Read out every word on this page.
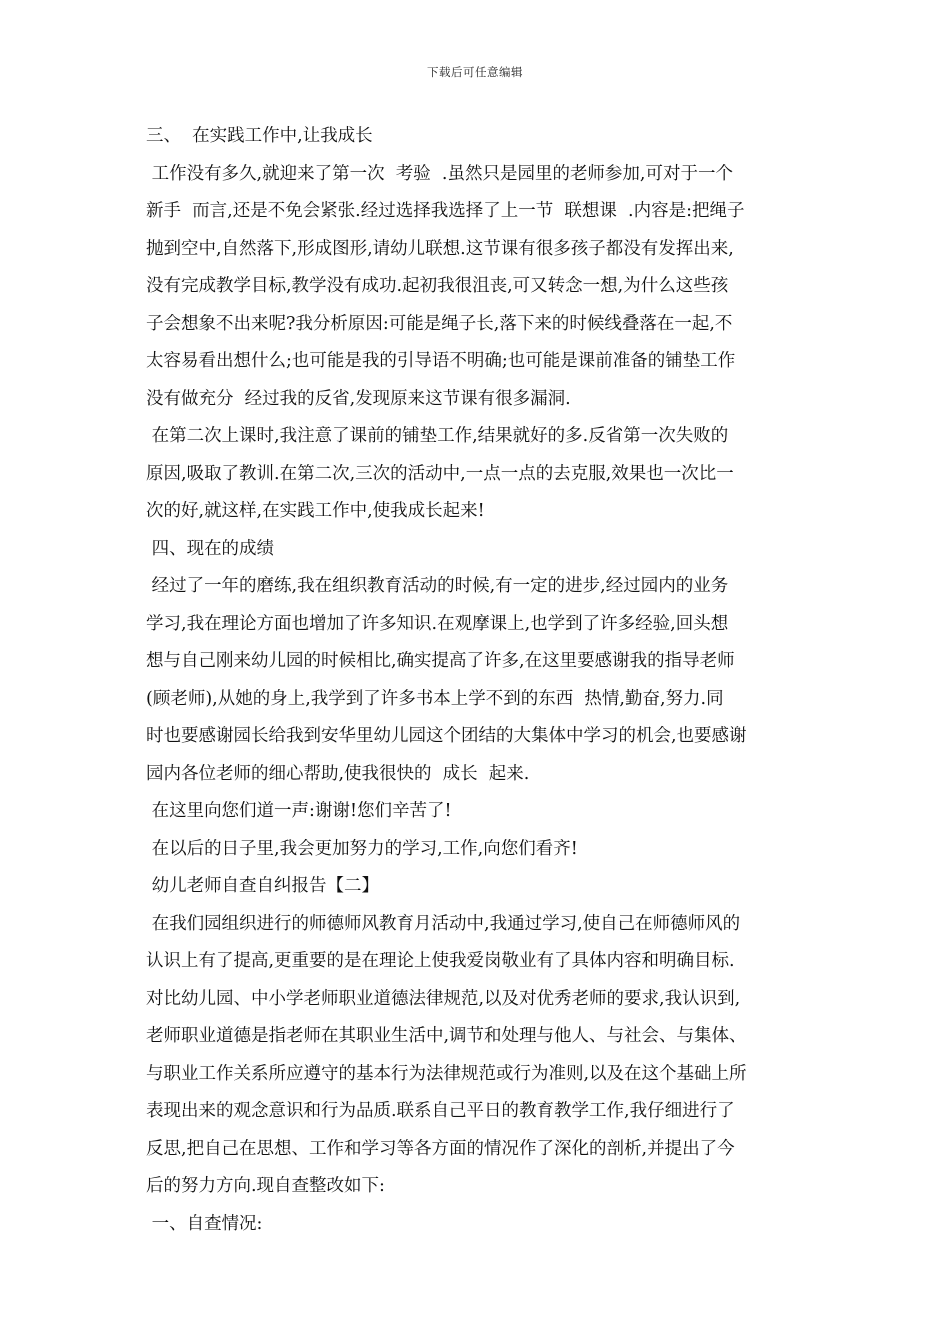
下载后可任意编辑
三、  在实践工作中,让我成长
工作没有多久,就迎来了第一次  考验  .虽然只是园里的老师参加,可对于一个
新手  而言,还是不免会紧张.经过选择我选择了上一节  联想课  .内容是:把绳子
抛到空中,自然落下,形成图形,请幼儿联想.这节课有很多孩子都没有发挥出来,
没有完成教学目标,教学没有成功.起初我很沮丧,可又转念一想,为什么这些孩
子会想象不出来呢?我分析原因:可能是绳子长,落下来的时候线叠落在一起,不
太容易看出想什么;也可能是我的引导语不明确;也可能是课前准备的铺垫工作
没有做充分  经过我的反省,发现原来这节课有很多漏洞.
在第二次上课时,我注意了课前的铺垫工作,结果就好的多.反省第一次失败的
原因,吸取了教训.在第二次,三次的活动中,一点一点的去克服,效果也一次比一
次的好,就这样,在实践工作中,使我成长起来!
四、现在的成绩
经过了一年的磨练,我在组织教育活动的时候,有一定的进步,经过园内的业务
学习,我在理论方面也增加了许多知识.在观摩课上,也学到了许多经验,回头想
想与自己刚来幼儿园的时候相比,确实提高了许多,在这里要感谢我的指导老师
(顾老师),从她的身上,我学到了许多书本上学不到的东西  热情,勤奋,努力.同
时也要感谢园长给我到安华里幼儿园这个团结的大集体中学习的机会,也要感谢
园内各位老师的细心帮助,使我很快的  成长  起来.
在这里向您们道一声:谢谢!您们辛苦了!
在以后的日子里,我会更加努力的学习,工作,向您们看齐!
幼儿老师自查自纠报告【二】
在我们园组织进行的师德师风教育月活动中,我通过学习,使自己在师德师风的
认识上有了提高,更重要的是在理论上使我爱岗敬业有了具体内容和明确目标.
对比幼儿园、中小学老师职业道德法律规范,以及对优秀老师的要求,我认识到,
老师职业道德是指老师在其职业生活中,调节和处理与他人、与社会、与集体、
与职业工作关系所应遵守的基本行为法律规范或行为准则,以及在这个基础上所
表现出来的观念意识和行为品质.联系自己平日的教育教学工作,我仔细进行了
反思,把自己在思想、工作和学习等各方面的情况作了深化的剖析,并提出了今
后的努力方向.现自查整改如下:
一、自查情况:
